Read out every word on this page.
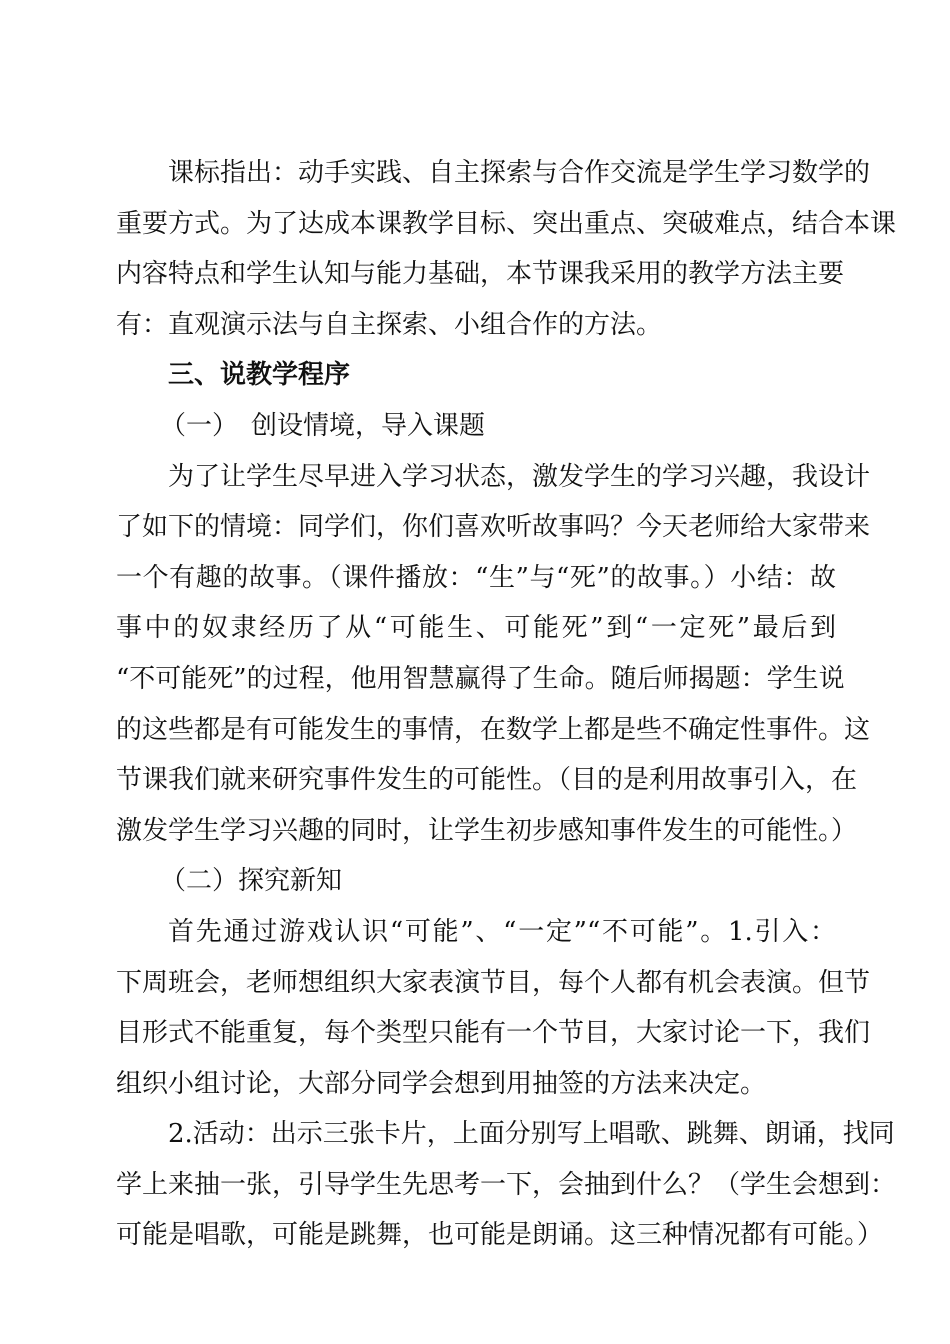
课标指出：动手实践、自主探索与合作交流是学生学习数学的
重要方式。为了达成本课教学目标、突出重点、突破难点，结合本课
内容特点和学生认知与能力基础，本节课我采用的教学方法主要
有：直观演示法与自主探索、小组合作的方法。

三、说教学程序

（一）　创设情境，导入课题

为了让学生尽早进入学习状态，激发学生的学习兴趣，我设计
了如下的情境：同学们，你们喜欢听故事吗？今天老师给大家带来
一个有趣的故事。（课件播放：“生”与“死”的故事。）小结：故
事中的奴隶经历了从“可能生、可能死”到“一定死”最后到
“不可能死”的过程，他用智慧赢得了生命。随后师揭题：学生说
的这些都是有可能发生的事情，在数学上都是些不确定性事件。这
节课我们就来研究事件发生的可能性。（目的是利用故事引入，在
激发学生学习兴趣的同时，让学生初步感知事件发生的可能性。）

（二）探究新知

首先通过游戏认识“可能”、“一定”“不可能”。1.引入：
下周班会，老师想组织大家表演节目，每个人都有机会表演。但节
目形式不能重复，每个类型只能有一个节目，大家讨论一下，我们
组织小组讨论，大部分同学会想到用抽签的方法来决定。

2.活动：出示三张卡片，上面分别写上唱歌、跳舞、朗诵，找同
学上来抽一张，引导学生先思考一下，会抽到什么？（学生会想到：
可能是唱歌，可能是跳舞，也可能是朗诵。这三种情况都有可能。）
